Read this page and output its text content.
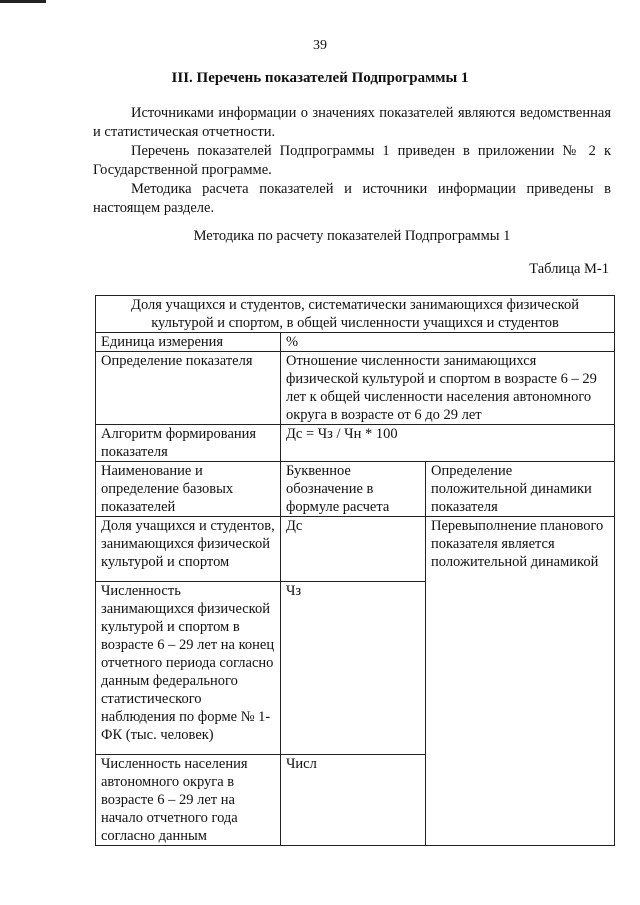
39
III. Перечень показателей Подпрограммы 1

Источниками информации о значениях показателей являются ведомственная и статистическая отчетности.

Перечень показателей Подпрограммы 1 приведен в приложении № 2 к Государственной программе.

Методика расчета показателей и источники информации приведены в настоящем разделе.

Методика по расчету показателей Подпрограммы 1
Таблица М-1
Доля учащихся и студентов, систематически занимающихся физической культурой и спортом, в общей численности учащихся и студентов		
Единица измерения	%	
Определение показателя	Отношение численности занимающихся физической культурой и спортом в возрасте 6 – 29 лет к общей численности населения автономного округа в возрасте от 6 до 29 лет	
Алгоритм формирования показателя	Дс = Чз / Чн * 100	
Наименование и определение базовых показателей	Буквенное обозначение в формуле расчета	Определение положительной динамики показателя
Доля учащихся и студентов, занимающихся физической культурой и спортом	Дс	Перевыполнение планового показателя является положительной динамикой
Численность занимающихся физической культурой и спортом в возрасте 6 – 29 лет на конец отчетного периода согласно данным федерального статистического наблюдения по форме № 1-ФК (тыс. человек)	Чз	
Численность населения автономного округа в возрасте 6 – 29 лет на начало отчетного года согласно данным	Числ	
